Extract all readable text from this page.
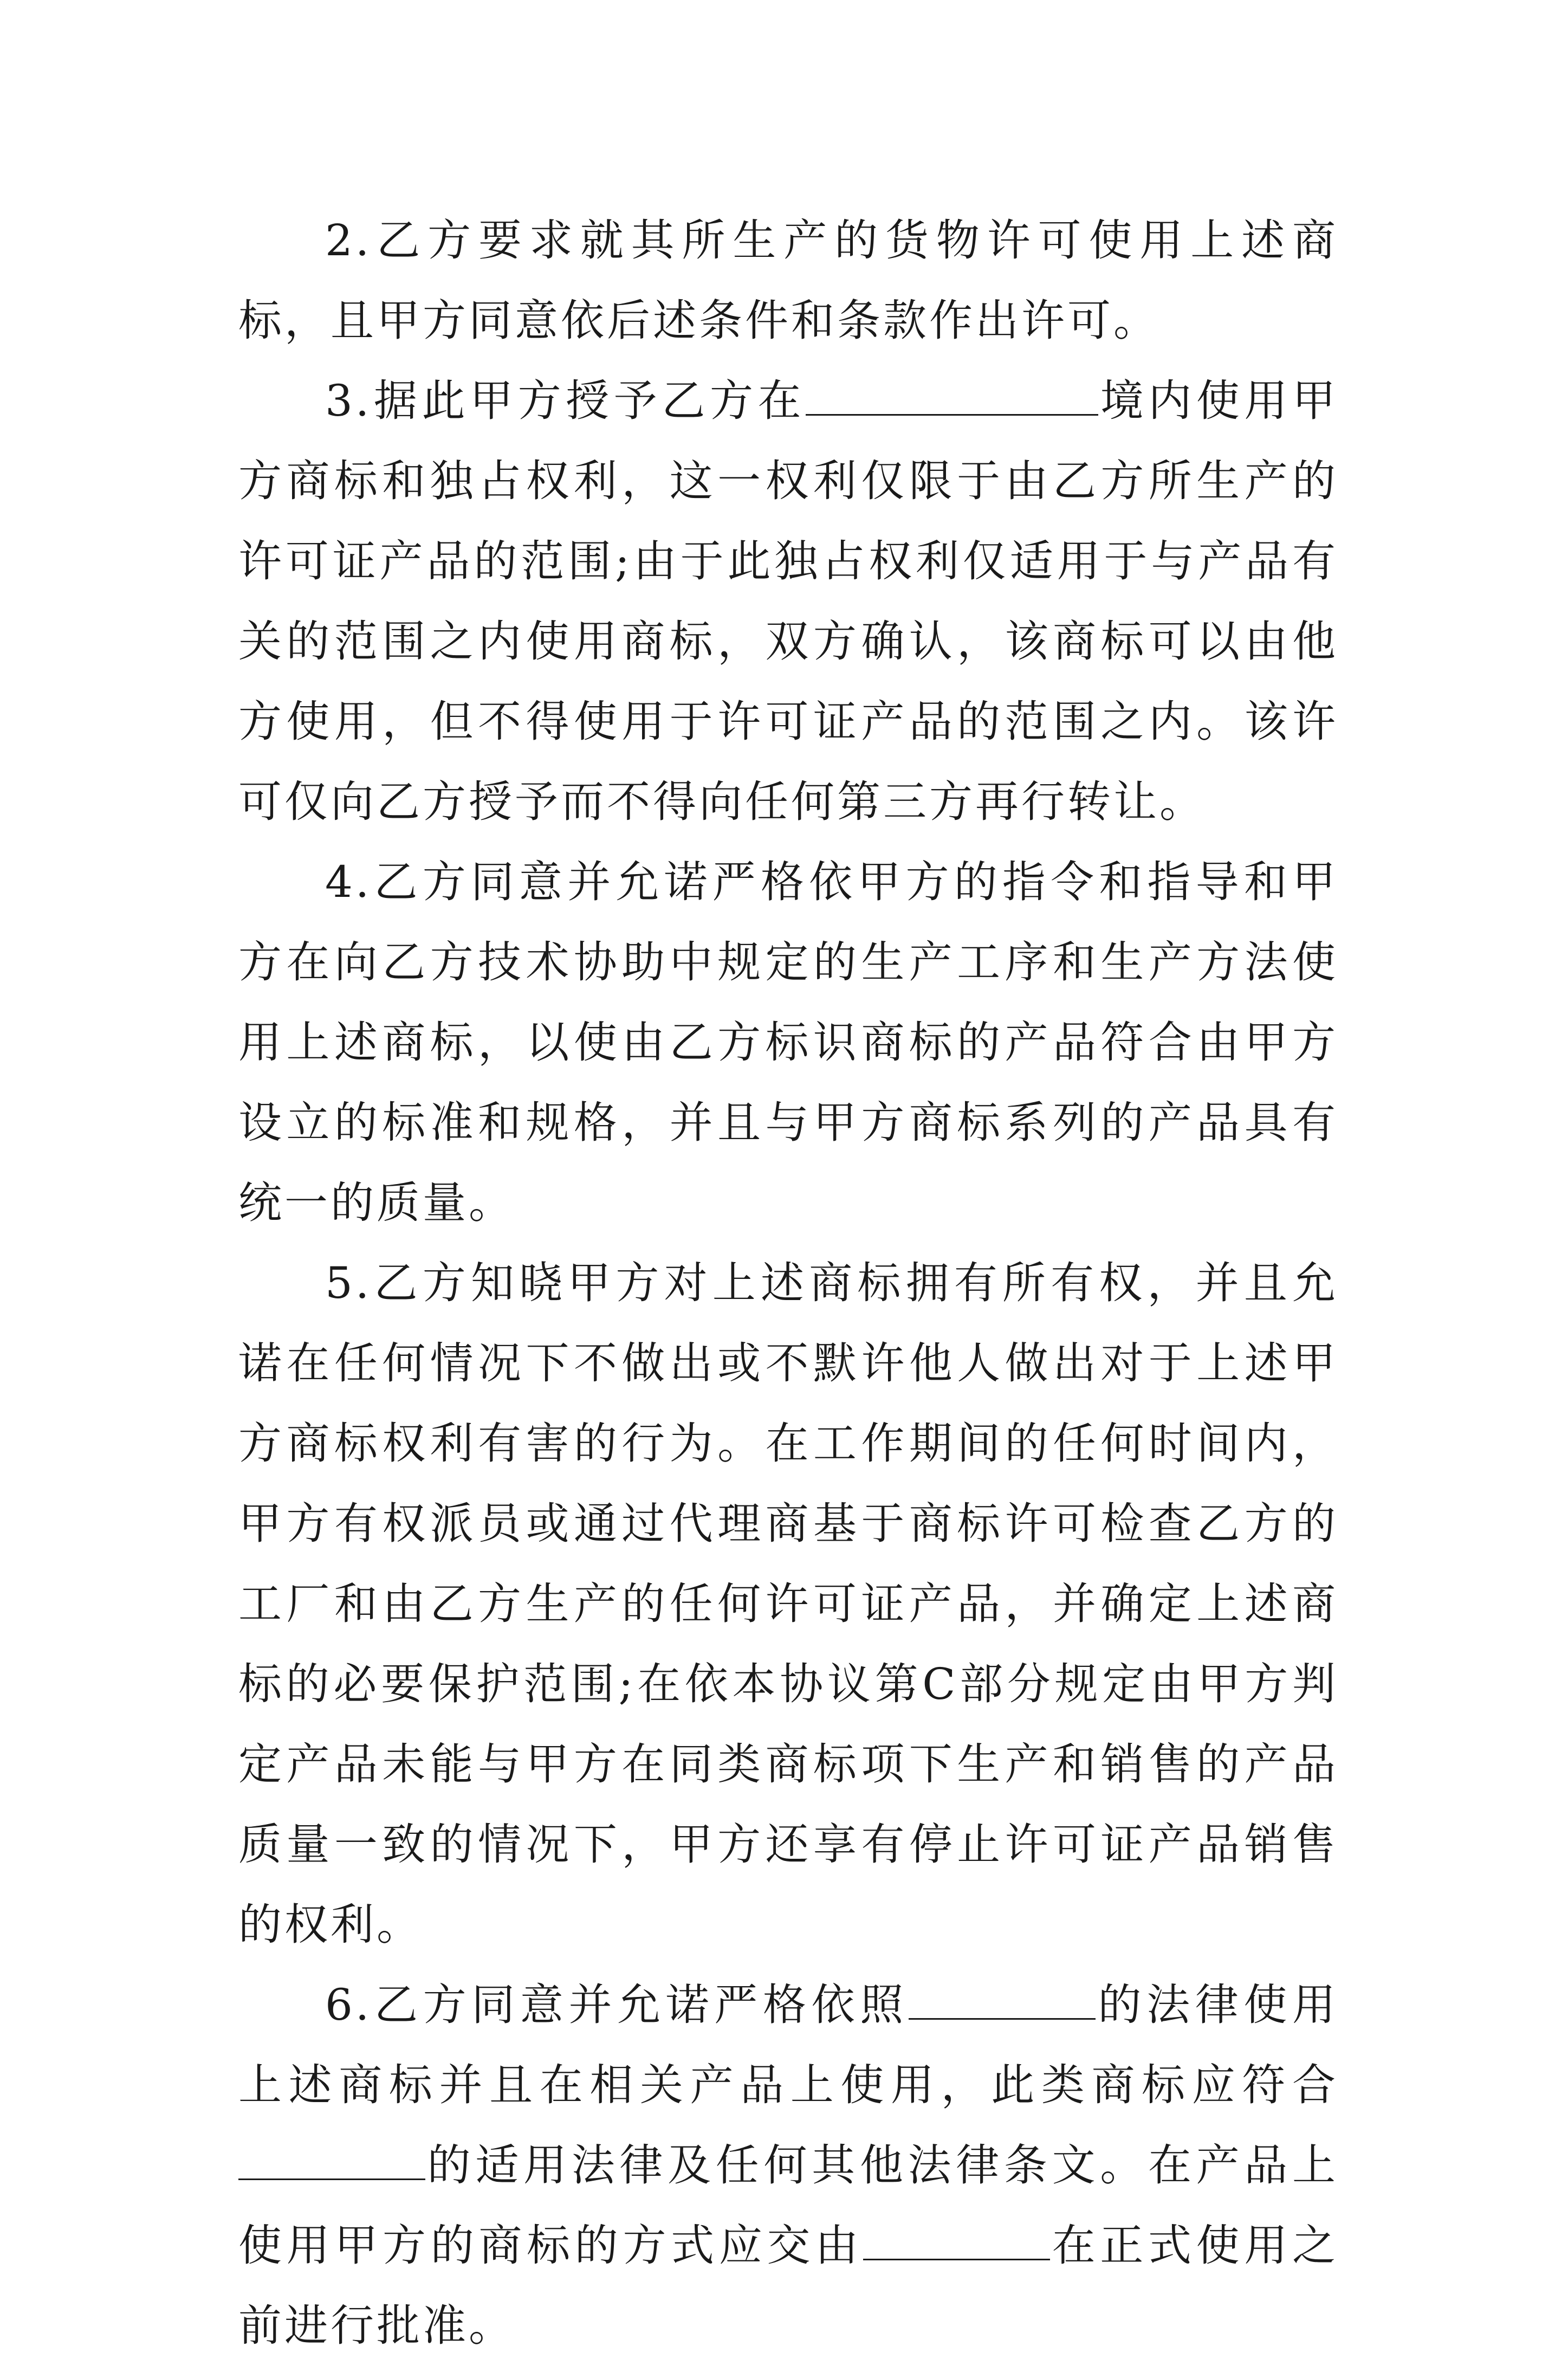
2.乙方要求就其所生产的货物许可使用上述商标，且甲方同意依后述条件和条款作出许可。

3.据此甲方授予乙方在	境内使用甲方商标和独占权利，这一权利仅限于由乙方所生产的许可证产品的范围;由于此独占权利仅适用于与产品有关的范围之内使用商标，双方确认，该商标可以由他方使用，但不得使用于许可证产品的范围之内。该许可仅向乙方授予而不得向任何第三方再行转让。

4.乙方同意并允诺严格依甲方的指令和指导和甲方在向乙方技术协助中规定的生产工序和生产方法使用上述商标，以使由乙方标识商标的产品符合由甲方设立的标准和规格，并且与甲方商标系列的产品具有统一的质量。

5.乙方知晓甲方对上述商标拥有所有权，并且允诺在任何情况下不做出或不默许他人做出对于上述甲方商标权利有害的行为。在工作期间的任何时间内，甲方有权派员或通过代理商基于商标许可检查乙方的工厂和由乙方生产的任何许可证产品，并确定上述商标的必要保护范围;在依本协议第C部分规定由甲方判定产品未能与甲方在同类商标项下生产和销售的产品质量一致的情况下，甲方还享有停止许可证产品销售的权利。

6.乙方同意并允诺严格依照	的法律使用上述商标并且在相关产品上使用，此类商标应符合的适用法律及任何其他法律条文。在产品上使用甲方的商标的方式应交由	在正式使用之前进行批准。
